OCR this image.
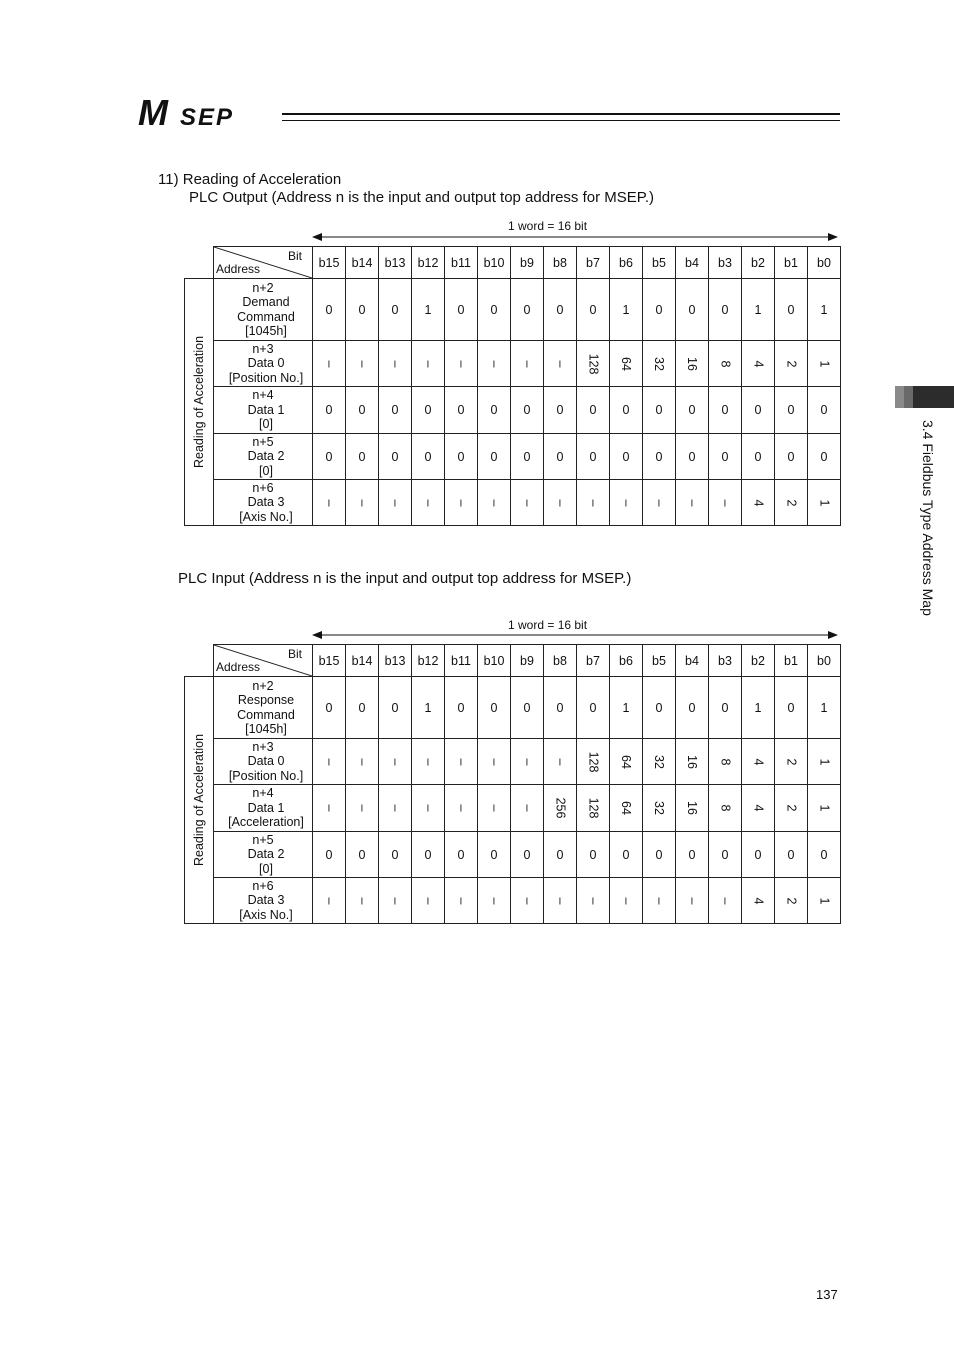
M SEP
3.4 Fieldbus Type Address Map
11) Reading of Acceleration
PLC Output (Address n is the input and output top address for MSEP.)
1 word = 16 bit

	Bit
Address	b15	b14	b13	b12	b11	b10	b9	b8	b7	b6	b5	b4	b3	b2	b1	b0

Reading of Acceleration	n+2
Demand
Command
[1045h]	0	0	0	1	0	0	0	0	0	1	0	0	0	1	0	1

	n+3
Data 0
[Position No.]	–	–	–	–	–	–	–	–	128	64	32	16	8	4	2	1

	n+4
Data 1
[0]	0	0	0	0	0	0	0	0	0	0	0	0	0	0	0	0

	n+5
Data 2
[0]	0	0	0	0	0	0	0	0	0	0	0	0	0	0	0	0

	n+6
Data 3
[Axis No.]	–	–	–	–	–	–	–	–	–	–	–	–	–	4	2	1
PLC Input (Address n is the input and output top address for MSEP.)
1 word = 16 bit

	Bit
Address	b15	b14	b13	b12	b11	b10	b9	b8	b7	b6	b5	b4	b3	b2	b1	b0

Reading of Acceleration	n+2
Response
Command
[1045h]	0	0	0	1	0	0	0	0	0	1	0	0	0	1	0	1

	n+3
Data 0
[Position No.]	–	–	–	–	–	–	–	–	128	64	32	16	8	4	2	1

	n+4
Data 1
[Acceleration]	–	–	–	–	–	–	–	256	128	64	32	16	8	4	2	1

	n+5
Data 2
[0]	0	0	0	0	0	0	0	0	0	0	0	0	0	0	0	0

	n+6
Data 3
[Axis No.]	–	–	–	–	–	–	–	–	–	–	–	–	–	4	2	1
137
